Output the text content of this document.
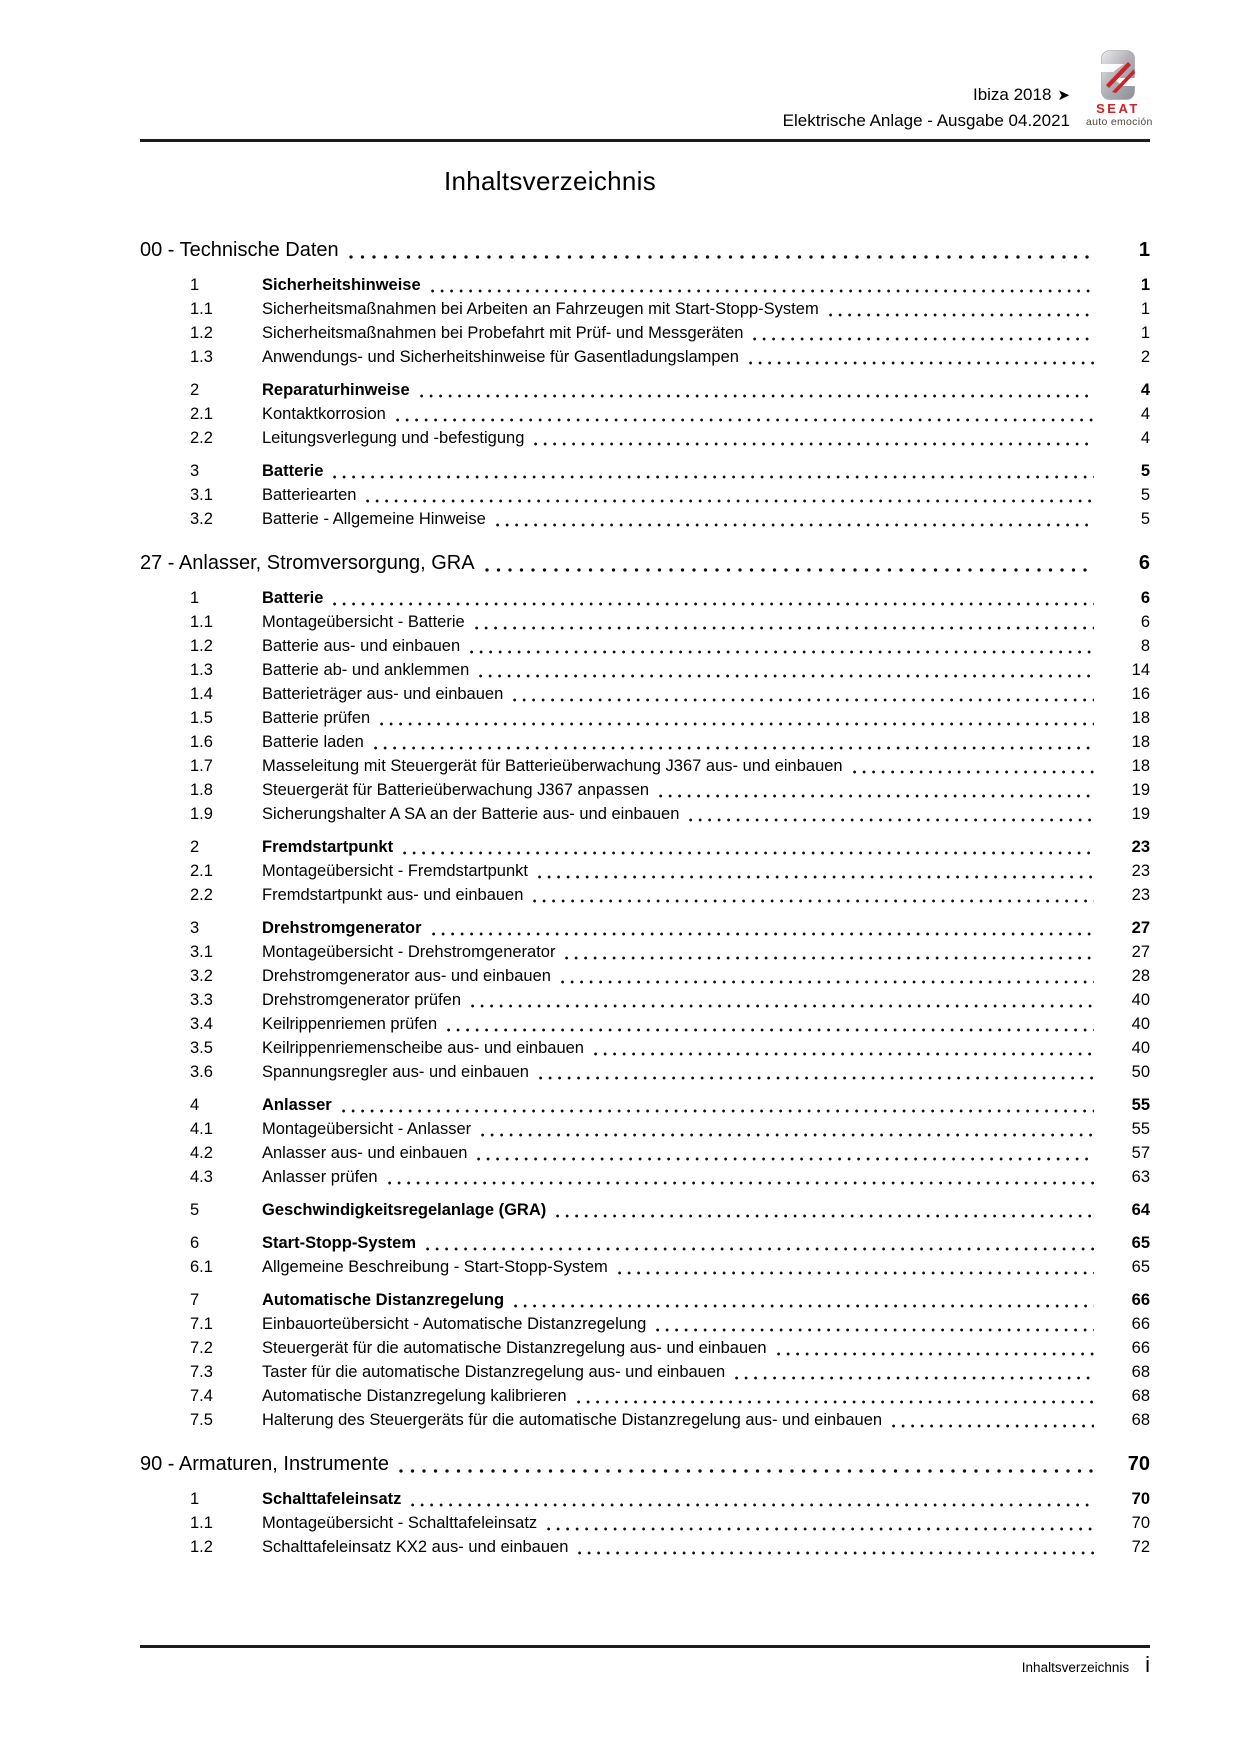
Ibiza 2018 ➤
Elektrische Anlage - Ausgabe 04.2021
SEAT
auto emoción
Inhaltsverzeichnis
00 - Technische Daten	1
1	Sicherheitshinweise	1
1.1	Sicherheitsmaßnahmen bei Arbeiten an Fahrzeugen mit Start-Stopp-System	1
1.2	Sicherheitsmaßnahmen bei Probefahrt mit Prüf- und Messgeräten	1
1.3	Anwendungs- und Sicherheitshinweise für Gasentladungslampen	2
2	Reparaturhinweise	4
2.1	Kontaktkorrosion	4
2.2	Leitungsverlegung und -befestigung	4
3	Batterie	5
3.1	Batteriearten	5
3.2	Batterie - Allgemeine Hinweise	5
27 - Anlasser, Stromversorgung, GRA	6
1	Batterie	6
1.1	Montageübersicht - Batterie	6
1.2	Batterie aus- und einbauen	8
1.3	Batterie ab- und anklemmen	14
1.4	Batterieträger aus- und einbauen	16
1.5	Batterie prüfen	18
1.6	Batterie laden	18
1.7	Masseleitung mit Steuergerät für Batterieüberwachung J367 aus- und einbauen	18
1.8	Steuergerät für Batterieüberwachung J367 anpassen	19
1.9	Sicherungshalter A SA an der Batterie aus- und einbauen	19
2	Fremdstartpunkt	23
2.1	Montageübersicht - Fremdstartpunkt	23
2.2	Fremdstartpunkt aus- und einbauen	23
3	Drehstromgenerator	27
3.1	Montageübersicht - Drehstromgenerator	27
3.2	Drehstromgenerator aus- und einbauen	28
3.3	Drehstromgenerator prüfen	40
3.4	Keilrippenriemen prüfen	40
3.5	Keilrippenriemenscheibe aus- und einbauen	40
3.6	Spannungsregler aus- und einbauen	50
4	Anlasser	55
4.1	Montageübersicht - Anlasser	55
4.2	Anlasser aus- und einbauen	57
4.3	Anlasser prüfen	63
5	Geschwindigkeitsregelanlage (GRA)	64
6	Start-Stopp-System	65
6.1	Allgemeine Beschreibung - Start-Stopp-System	65
7	Automatische Distanzregelung	66
7.1	Einbauorteübersicht - Automatische Distanzregelung	66
7.2	Steuergerät für die automatische Distanzregelung aus- und einbauen	66
7.3	Taster für die automatische Distanzregelung aus- und einbauen	68
7.4	Automatische Distanzregelung kalibrieren	68
7.5	Halterung des Steuergeräts für die automatische Distanzregelung aus- und einbauen	68
90 - Armaturen, Instrumente	70
1	Schalttafeleinsatz	70
1.1	Montageübersicht - Schalttafeleinsatz	70
1.2	Schalttafeleinsatz KX2 aus- und einbauen	72
Inhaltsverzeichnis i
